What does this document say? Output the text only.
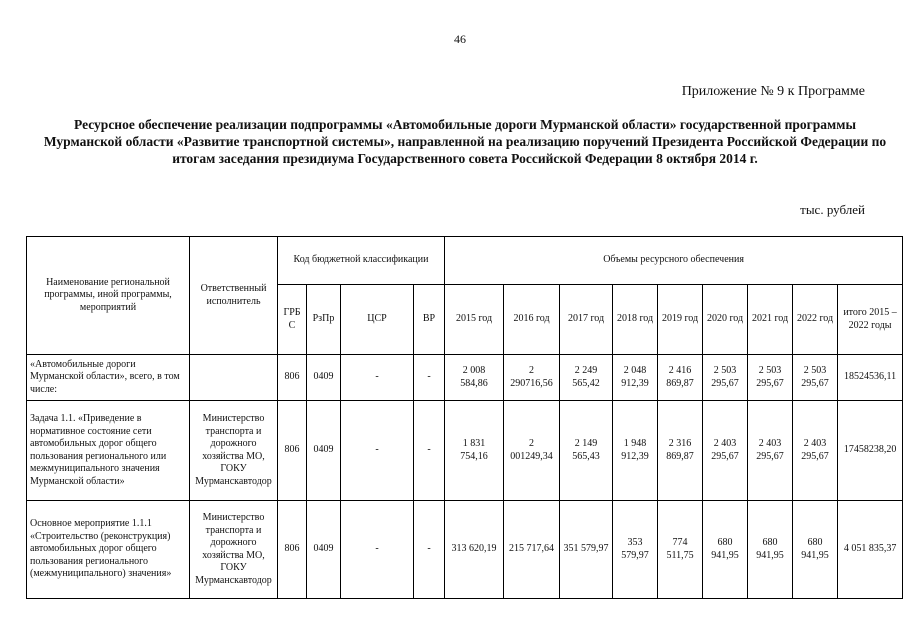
46
Приложение № 9 к Программе
Ресурсное обеспечение реализации подпрограммы «Автомобильные дороги Мурманской области» государственной программы Мурманской области «Развитие транспортной системы», направленной на реализацию поручений Президента Российской Федерации по итогам заседания президиума Государственного совета Российской Федерации 8 октября 2014 г.
тыс. рублей
Наименование региональной программы, иной программы, мероприятий	Ответственный исполнитель	Код бюджетной классификации				Объемы ресурсного обеспечения								
		ГРБ С	РзПр	ЦСР	ВР	2015 год	2016 год	2017 год	2018 год	2019 год	2020 год	2021 год	2022 год	итого 2015 – 2022 годы
«Автомобильные дороги Мурманской области», всего, в том числе:		806	0409	-	-	2 008 584,86	2 290716,56	2 249 565,42	2 048 912,39	2 416 869,87	2 503 295,67	2 503 295,67	2 503 295,67	18524536,11
Задача 1.1. «Приведение в нормативное состояние сети автомобильных дорог общего пользования регионального или межмуниципального значения Мурманской области»	Министерство транспорта и дорожного хозяйства МО, ГОКУ Мурманскавтодор	806	0409	-	-	1 831 754,16	2 001249,34	2 149 565,43	1 948 912,39	2 316 869,87	2 403 295,67	2 403 295,67	2 403 295,67	17458238,20
Основное мероприятие 1.1.1 «Строительство (реконструкция) автомобильных дорог общего пользования регионального (межмуниципального) значения»	Министерство транспорта и дорожного хозяйства МО, ГОКУ Мурманскавтодор	806	0409	-	-	313 620,19	215 717,64	351 579,97	353 579,97	774 511,75	680 941,95	680 941,95	680 941,95	4 051 835,37
